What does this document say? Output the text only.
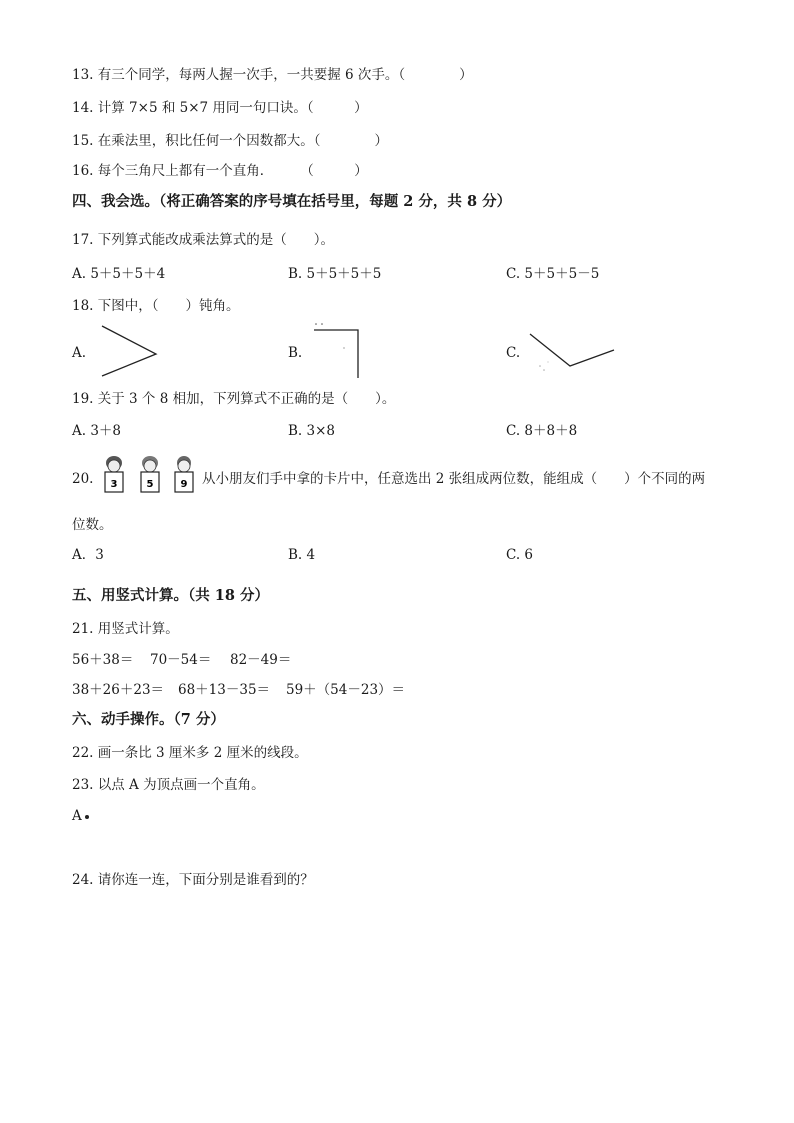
13. 有三个同学，每两人握一次手，一共要握 6 次手。（　　　　）
14. 计算 7×5 和 5×7 用同一句口诀。（　　　）
15. 在乘法里，积比任何一个因数都大。（　　　　）
16. 每个三角尺上都有一个直角．　　　（　　　）
四、我会选。（将正确答案的序号填在括号里，每题 2 分，共 8 分）
17. 下列算式能改成乘法算式的是（　　）。
A. 5＋5＋5＋4	B. 5＋5＋5＋5	C. 5＋5＋5－5
18. 下图中，（　　）钝角。
A.	B.	C.
19. 关于 3 个 8 相加，下列算式不正确的是（　　）。
A. 3＋8	B. 3×8	C. 8＋8＋8
20. 3	5	9 从小朋友们手中拿的卡片中，任意选出 2 张组成两位数，能组成（　　）个不同的两
位数。
A．3	B. 4	C. 6
五、用竖式计算。（共 18 分）
21. 用竖式计算。
56＋38＝ 70－54＝ 82－49＝
38＋26＋23＝ 68＋13－35＝ 59＋（54－23）＝
六、动手操作。（7 分）
22. 画一条比 3 厘米多 2 厘米的线段。
23. 以点 A 为顶点画一个直角。
A
24. 请你连一连，下面分别是谁看到的？
